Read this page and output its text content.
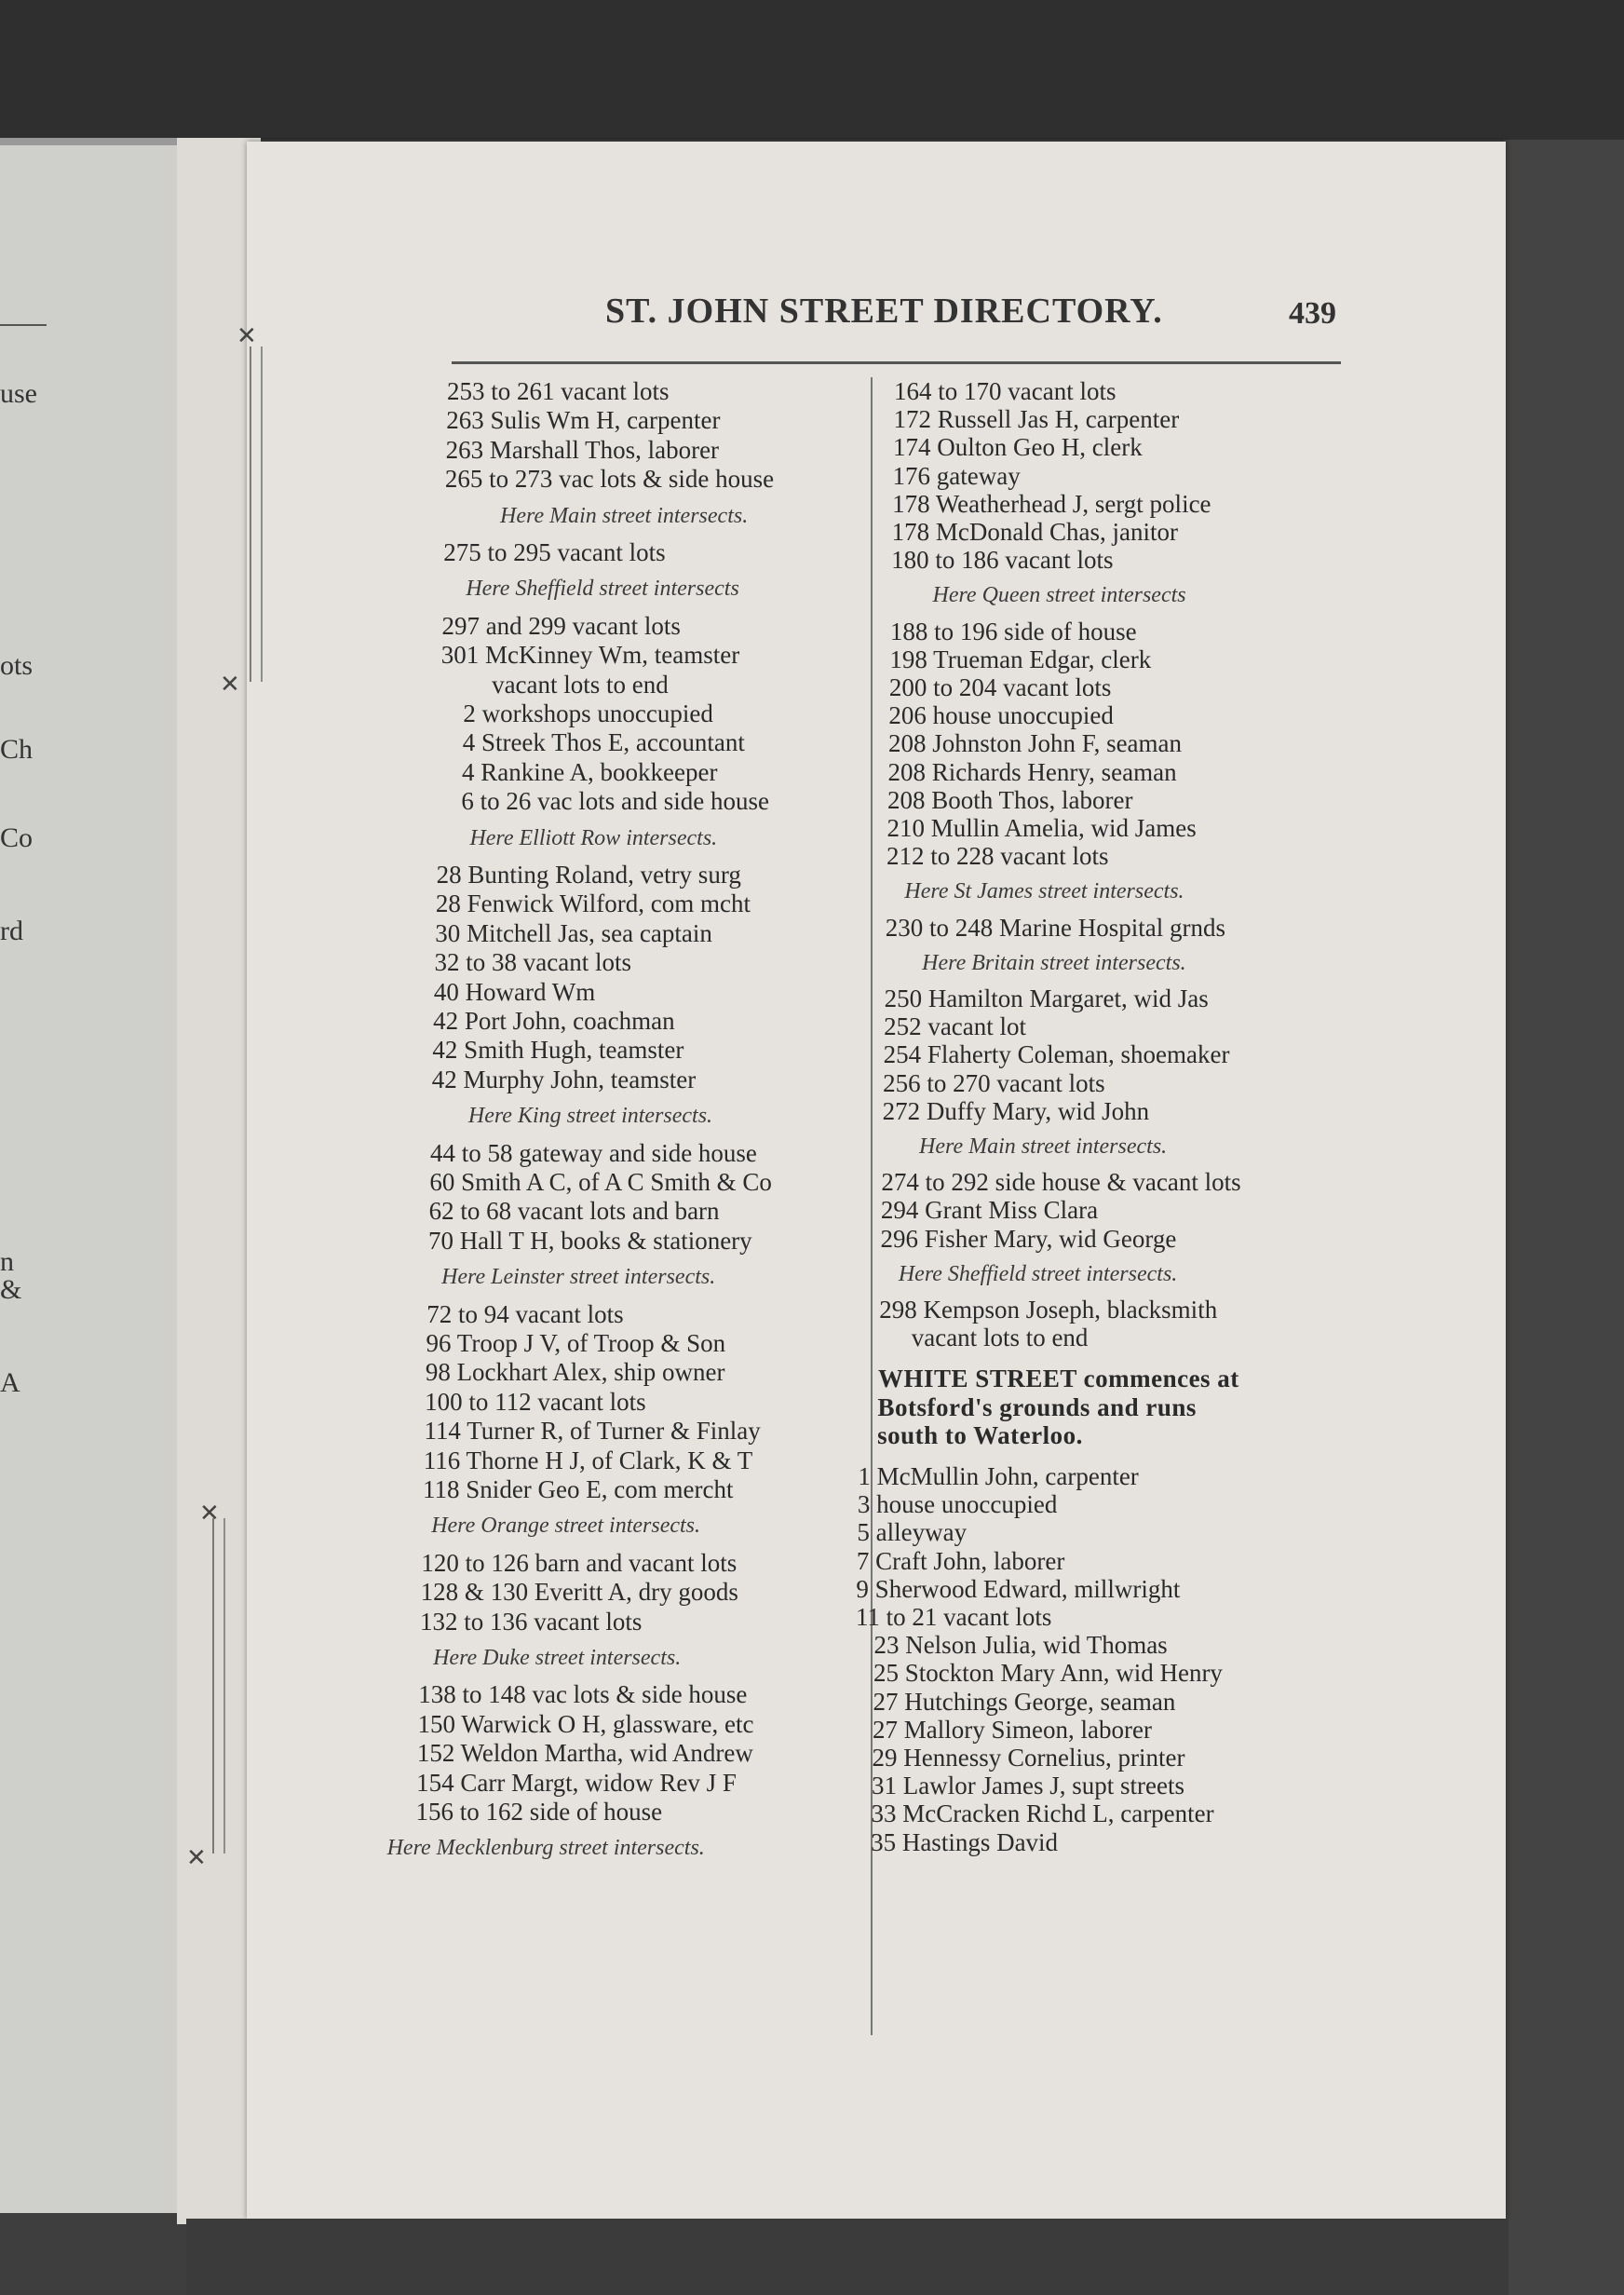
use
ots
Ch
Co
rd
n
&
A
✕
✕
✕
✕
ST. JOHN STREET DIRECTORY.	439
253 to 261 vacant lots
263 Sulis Wm H, carpenter
263 Marshall Thos, laborer
265 to 273 vac lots & side house
Here Main street intersects.
275 to 295 vacant lots
Here Sheffield street intersects
297 and 299 vacant lots
301 McKinney Wm, teamster
vacant lots to end
2 workshops unoccupied
4 Streek Thos E, accountant
4 Rankine A, bookkeeper
6 to 26 vac lots and side house
Here Elliott Row intersects.
28 Bunting Roland, vetry surg
28 Fenwick Wilford, com mcht
30 Mitchell Jas, sea captain
32 to 38 vacant lots
40 Howard Wm
42 Port John, coachman
42 Smith Hugh, teamster
42 Murphy John, teamster
Here King street intersects.
44 to 58 gateway and side house
60 Smith A C, of A C Smith & Co
62 to 68 vacant lots and barn
70 Hall T H, books & stationery
Here Leinster street intersects.
72 to 94 vacant lots
96 Troop J V, of Troop & Son
98 Lockhart Alex, ship owner
100 to 112 vacant lots
114 Turner R, of Turner & Finlay
116 Thorne H J, of Clark, K & T
118 Snider Geo E, com mercht
Here Orange street intersects.
120 to 126 barn and vacant lots
128 & 130 Everitt A, dry goods
132 to 136 vacant lots
Here Duke street intersects.
138 to 148 vac lots & side house
150 Warwick O H, glassware, etc
152 Weldon Martha, wid Andrew
154 Carr Margt, widow Rev J F
156 to 162 side of house
Here Mecklenburg street intersects.
164 to 170 vacant lots
172 Russell Jas H, carpenter
174 Oulton Geo H, clerk
176 gateway
178 Weatherhead J, sergt police
178 McDonald Chas, janitor
180 to 186 vacant lots
Here Queen street intersects
188 to 196 side of house
198 Trueman Edgar, clerk
200 to 204 vacant lots
206 house unoccupied
208 Johnston John F, seaman
208 Richards Henry, seaman
208 Booth Thos, laborer
210 Mullin Amelia, wid James
212 to 228 vacant lots
Here St James street intersects.
230 to 248 Marine Hospital grnds
Here Britain street intersects.
250 Hamilton Margaret, wid Jas
252 vacant lot
254 Flaherty Coleman, shoemaker
256 to 270 vacant lots
272 Duffy Mary, wid John
Here Main street intersects.
274 to 292 side house & vacant lots
294 Grant Miss Clara
296 Fisher Mary, wid George
Here Sheffield street intersects.
298 Kempson Joseph, blacksmith
vacant lots to end
WHITE STREET commences at
Botsford's grounds and runs
south to Waterloo.
1 McMullin John, carpenter
3 house unoccupied
5 alleyway
7 Craft John, laborer
9 Sherwood Edward, millwright
11 to 21 vacant lots
23 Nelson Julia, wid Thomas
25 Stockton Mary Ann, wid Henry
27 Hutchings George, seaman
27 Mallory Simeon, laborer
29 Hennessy Cornelius, printer
31 Lawlor James J, supt streets
33 McCracken Richd L, carpenter
35 Hastings David
